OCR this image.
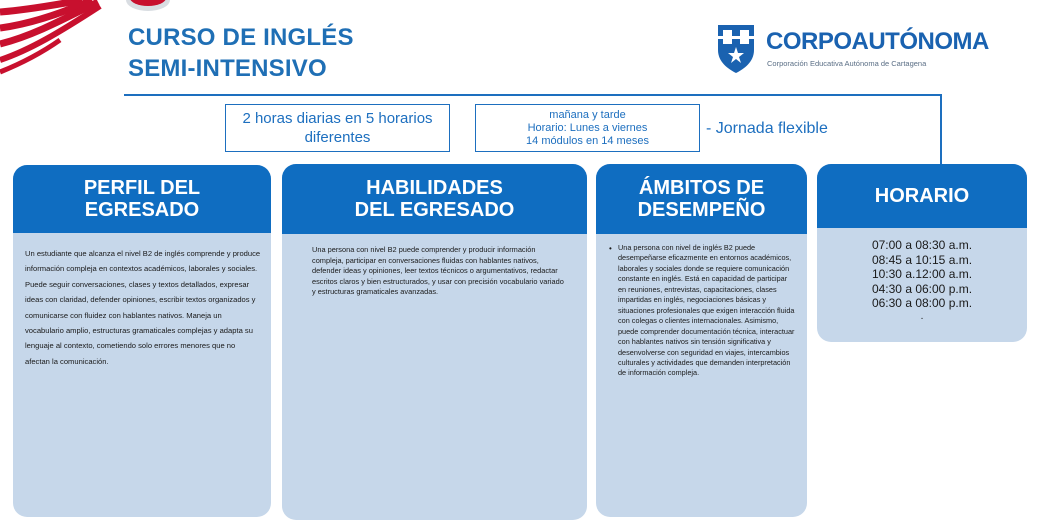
CURSO DE INGLÉS
SEMI-INTENSIVO
CORPOAUTÓNOMA
Corporación Educativa Autónoma de Cartagena
2 horas diarias en 5 horarios diferentes
mañana y tarde
Horario: Lunes a viernes
14 módulos en 14 meses
- Jornada flexible
PERFIL DEL
EGRESADO
Un estudiante que alcanza el nivel B2 de inglés comprende y produce información compleja en contextos académicos, laborales y sociales. Puede seguir conversaciones, clases y textos detallados, expresar ideas con claridad, defender opiniones, escribir textos organizados y comunicarse con fluidez con hablantes nativos. Maneja un vocabulario amplio, estructuras gramaticales complejas y adapta su lenguaje al contexto, cometiendo solo errores menores que no afectan la comunicación.
HABILIDADES
DEL EGRESADO
Una persona con nivel B2 puede comprender y producir información compleja, participar en conversaciones fluidas con hablantes nativos, defender ideas y opiniones, leer textos técnicos o argumentativos, redactar escritos claros y bien estructurados, y usar con precisión vocabulario variado y estructuras gramaticales avanzadas.
ÁMBITOS DE
DESEMPEÑO
• Una persona con nivel de inglés B2 puede desempeñarse eficazmente en entornos académicos, laborales y sociales donde se requiere comunicación constante en inglés. Está en capacidad de participar en reuniones, entrevistas, capacitaciones, clases impartidas en inglés, negociaciones básicas y situaciones profesionales que exigen interacción fluida con colegas o clientes internacionales. Asimismo, puede comprender documentación técnica, interactuar con hablantes nativos sin tensión significativa y desenvolverse con seguridad en viajes, intercambios culturales y actividades que demanden interpretación de información compleja.
HORARIO
07:00 a 08:30 a.m.
08:45 a 10:15 a.m.
10:30 a.12:00 a.m.
04:30 a 06:00 p.m.
06:30 a 08:00 p.m.
.
